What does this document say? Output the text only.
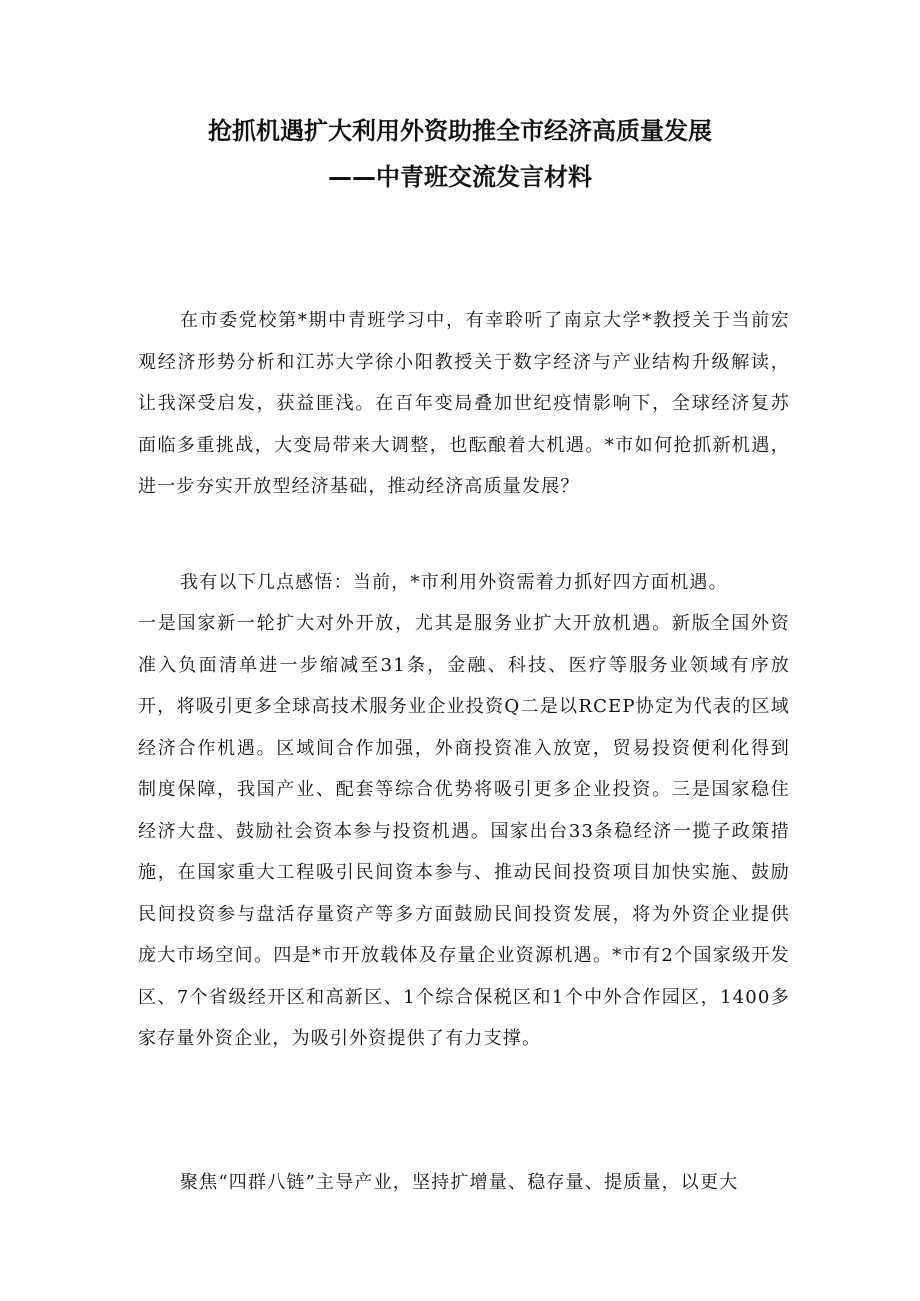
抢抓机遇扩大利用外资助推全市经济高质量发展
——中青班交流发言材料

在市委党校第*期中青班学习中，有幸聆听了南京大学*教授关于当前宏观经济形势分析和江苏大学徐小阳教授关于数字经济与产业结构升级解读，让我深受启发，获益匪浅。在百年变局叠加世纪疫情影响下，全球经济复苏面临多重挑战，大变局带来大调整，也酝酿着大机遇。*市如何抢抓新机遇，进一步夯实开放型经济基础，推动经济高质量发展？

我有以下几点感悟：当前，*市利用外资需着力抓好四方面机遇。

一是国家新一轮扩大对外开放，尤其是服务业扩大开放机遇。新版全国外资准入负面清单进一步缩减至31条，金融、科技、医疗等服务业领域有序放开，将吸引更多全球高技术服务业企业投资Q二是以RCEP协定为代表的区域经济合作机遇。区域间合作加强，外商投资准入放宽，贸易投资便利化得到制度保障，我国产业、配套等综合优势将吸引更多企业投资。三是国家稳住经济大盘、鼓励社会资本参与投资机遇。国家出台33条稳经济一揽子政策措施，在国家重大工程吸引民间资本参与、推动民间投资项目加快实施、鼓励民间投资参与盘活存量资产等多方面鼓励民间投资发展，将为外资企业提供庞大市场空间。四是*市开放载体及存量企业资源机遇。*市有2个国家级开发区、7个省级经开区和高新区、1个综合保税区和1个中外合作园区，1400多家存量外资企业，为吸引外资提供了有力支撑。

聚焦“四群八链”主导产业，坚持扩增量、稳存量、提质量，以更大
